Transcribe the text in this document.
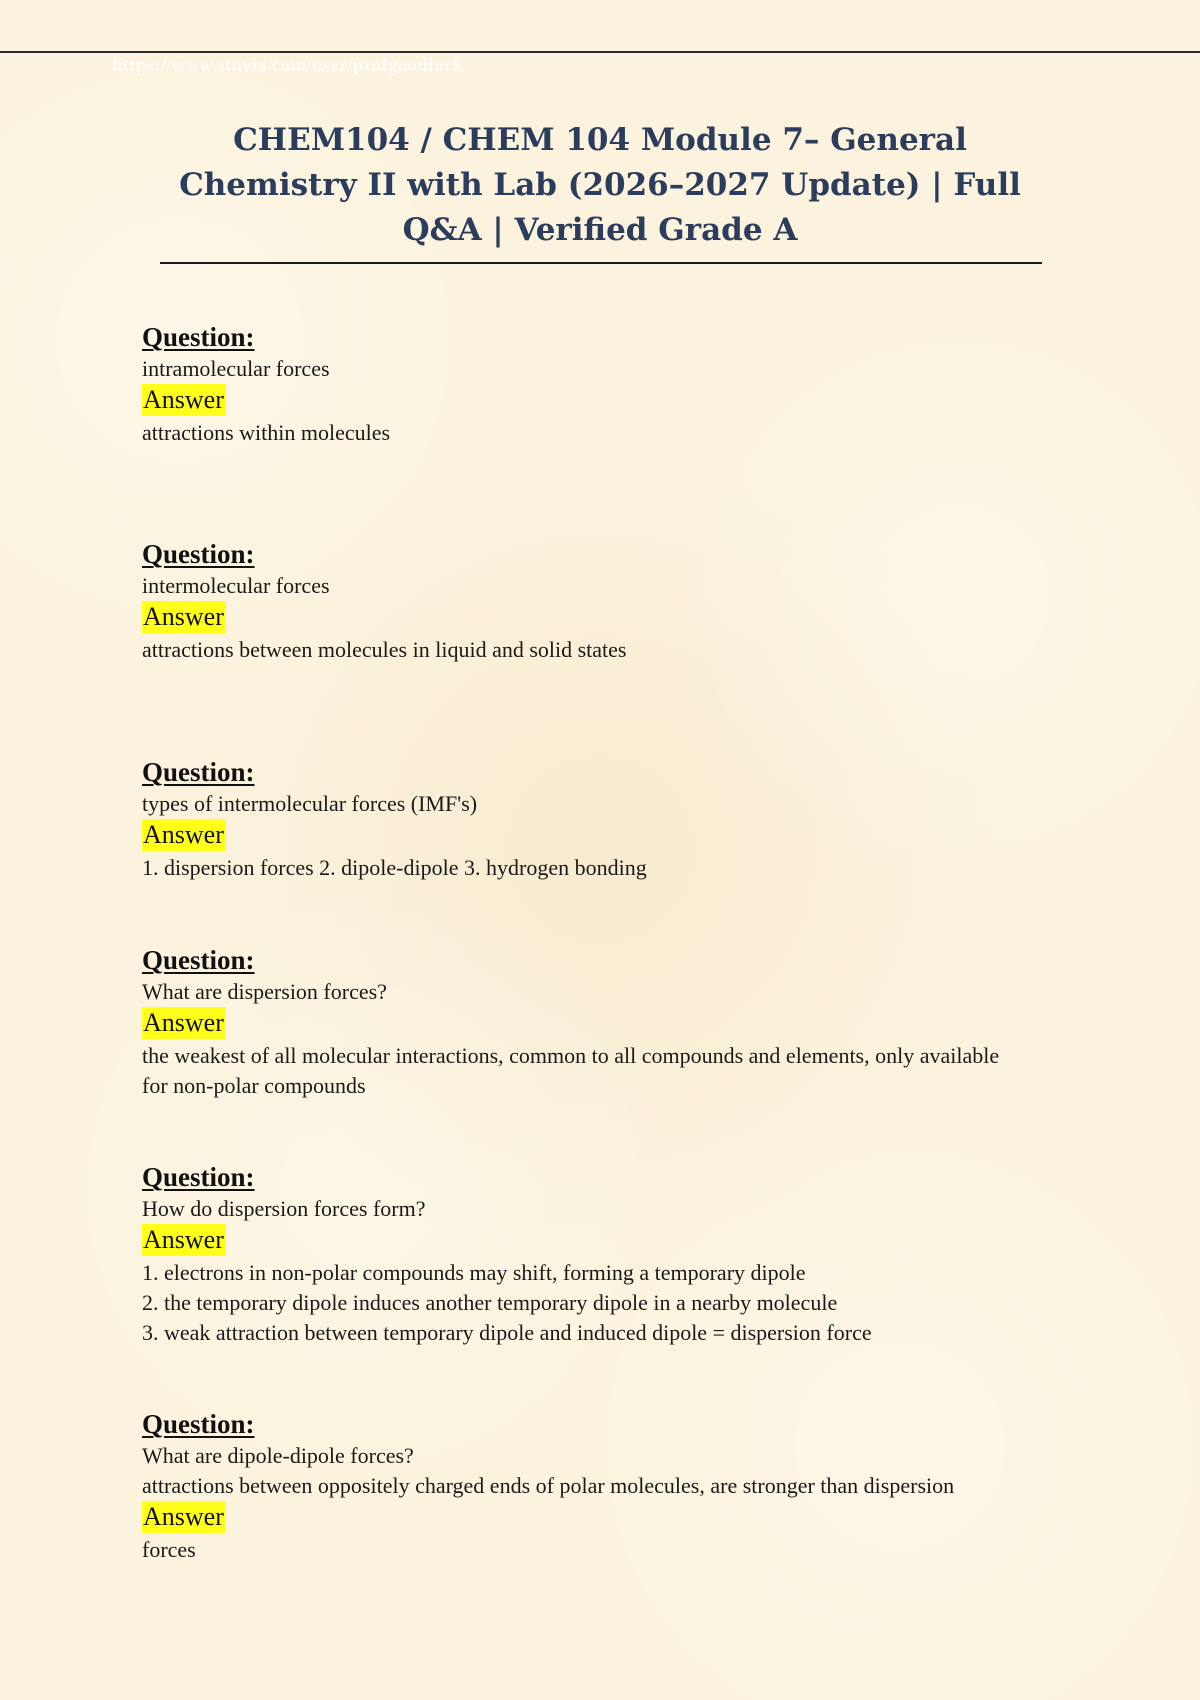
https://www.stuvia.com/user/profgoodluck
CHEM104 / CHEM 104 Module 7– General Chemistry II with Lab (2026–2027 Update) | Full Q&A | Verified Grade A
Question:
intramolecular forces
Answer
attractions within molecules
Question:
intermolecular forces
Answer
attractions between molecules in liquid and solid states
Question:
types of intermolecular forces (IMF's)
Answer
1. dispersion forces 2. dipole-dipole 3. hydrogen bonding
Question:
What are dispersion forces?
Answer
the weakest of all molecular interactions, common to all compounds and elements, only available
for non-polar compounds
Question:
How do dispersion forces form?
Answer
1. electrons in non-polar compounds may shift, forming a temporary dipole
2. the temporary dipole induces another temporary dipole in a nearby molecule
3. weak attraction between temporary dipole and induced dipole = dispersion force
Question:
What are dipole-dipole forces?
attractions between oppositely charged ends of polar molecules, are stronger than dispersion
Answer
forces
